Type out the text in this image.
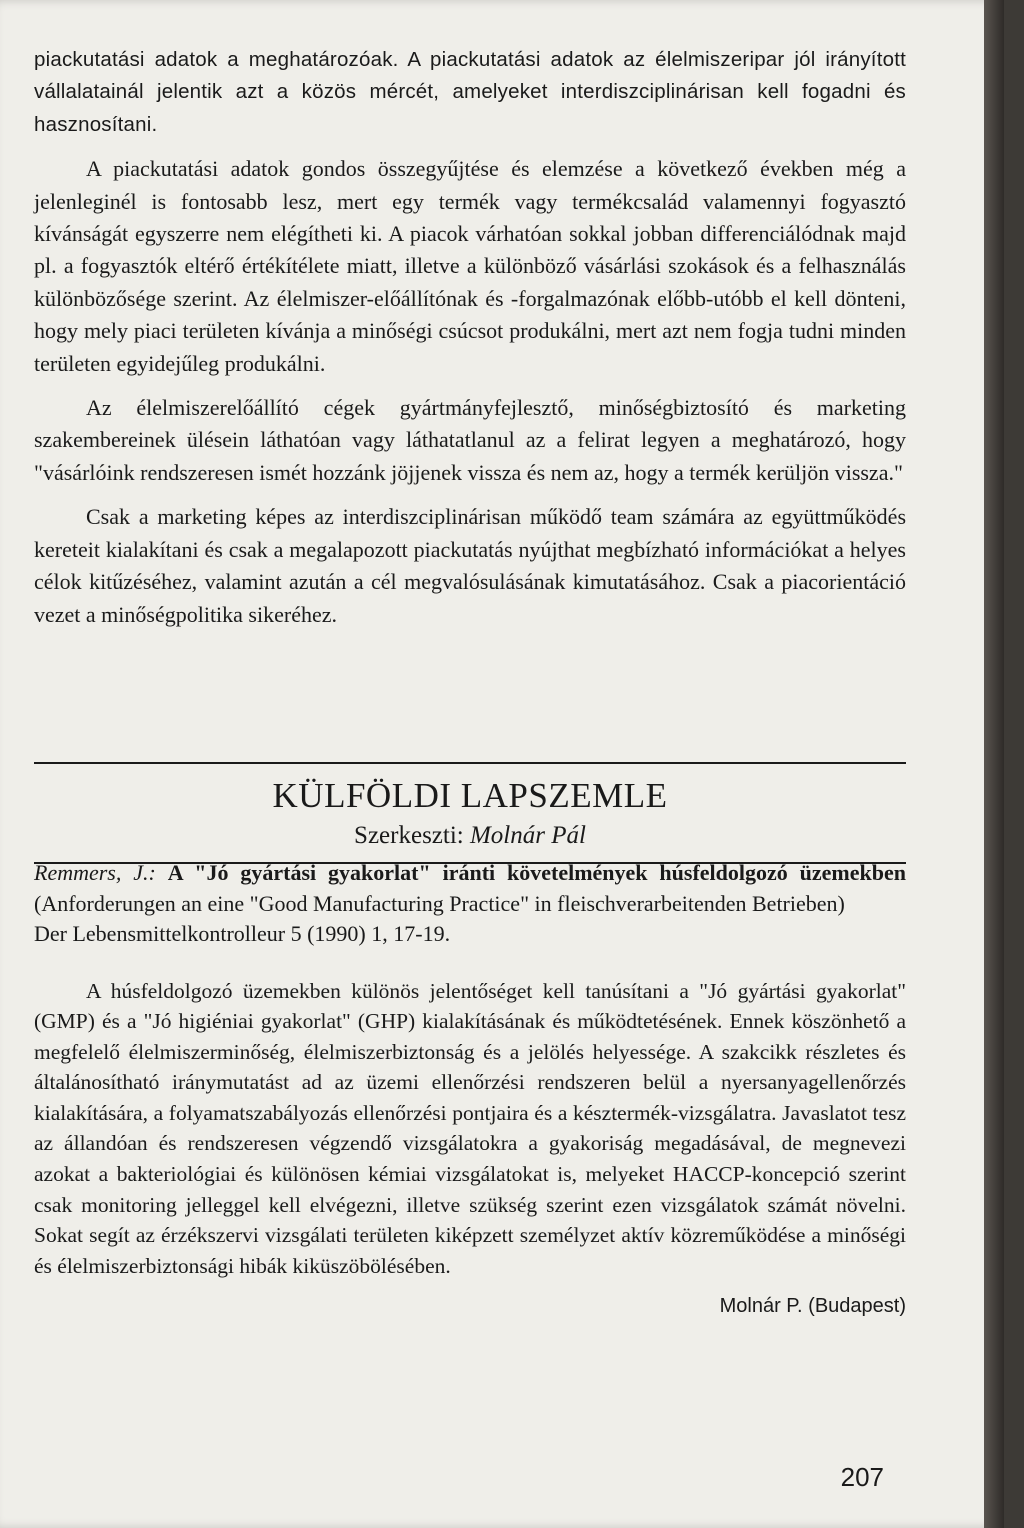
piackutatási adatok a meghatározóak. A piackutatási adatok az élelmiszeripar jól irányított vállalatainál jelentik azt a közös mércét, amelyeket interdiszciplinárisan kell fogadni és hasznosítani.

A piackutatási adatok gondos összegyűjtése és elemzése a következő években még a jelenleginél is fontosabb lesz, mert egy termék vagy termékcsalád valamennyi fogyasztó kívánságát egyszerre nem elégítheti ki. A piacok várhatóan sokkal jobban differenciálódnak majd pl. a fogyasztók eltérő értékítélete miatt, illetve a különböző vásárlási szokások és a felhasználás különbözősége szerint. Az élelmiszer-előállítónak és -forgalmazónak előbb-utóbb el kell dönteni, hogy mely piaci területen kívánja a minőségi csúcsot produkálni, mert azt nem fogja tudni minden területen egyidejűleg produkálni.

Az élelmiszerelőállító cégek gyártmányfejlesztő, minőségbiztosító és marketing szakembereinek ülésein láthatóan vagy láthatatlanul az a felirat legyen a meghatározó, hogy "vásárlóink rendszeresen ismét hozzánk jöjjenek vissza és nem az, hogy a termék kerüljön vissza."

Csak a marketing képes az interdiszciplinárisan működő team számára az együttműködés kereteit kialakítani és csak a megalapozott piackutatás nyújthat megbízható információkat a helyes célok kitűzéséhez, valamint azután a cél megvalósulásának kimutatásához. Csak a piacorientáció vezet a minőségpolitika sikeréhez.

KÜLFÖLDI LAPSZEMLE
Szerkeszti: Molnár Pál

Remmers, J.: A "Jó gyártási gyakorlat" iránti követelmények húsfeldolgozó üzemekben (Anforderungen an eine "Good Manufacturing Practice" in fleischverarbeitenden Betrieben)

Der Lebensmittelkontrolleur 5 (1990) 1, 17-19.

A húsfeldolgozó üzemekben különös jelentőséget kell tanúsítani a "Jó gyártási gyakorlat" (GMP) és a "Jó higiéniai gyakorlat" (GHP) kialakításának és működtetésének. Ennek köszönhető a megfelelő élelmiszerminőség, élelmiszerbiztonság és a jelölés helyessége. A szakcikk részletes és általánosítható iránymutatást ad az üzemi ellenőrzési rendszeren belül a nyersanyagellenőrzés kialakítására, a folyamatszabályozás ellenőrzési pontjaira és a késztermék-vizsgálatra. Javaslatot tesz az állandóan és rendszeresen végzendő vizsgálatokra a gyakoriság megadásával, de megnevezi azokat a bakteriológiai és különösen kémiai vizsgálatokat is, melyeket HACCP-koncepció szerint csak monitoring jelleggel kell elvégezni, illetve szükség szerint ezen vizsgálatok számát növelni. Sokat segít az érzékszervi vizsgálati területen kiképzett személyzet aktív közreműködése a minőségi és élelmiszerbiztonsági hibák kiküszöbölésében.

Molnár P. (Budapest)

207
